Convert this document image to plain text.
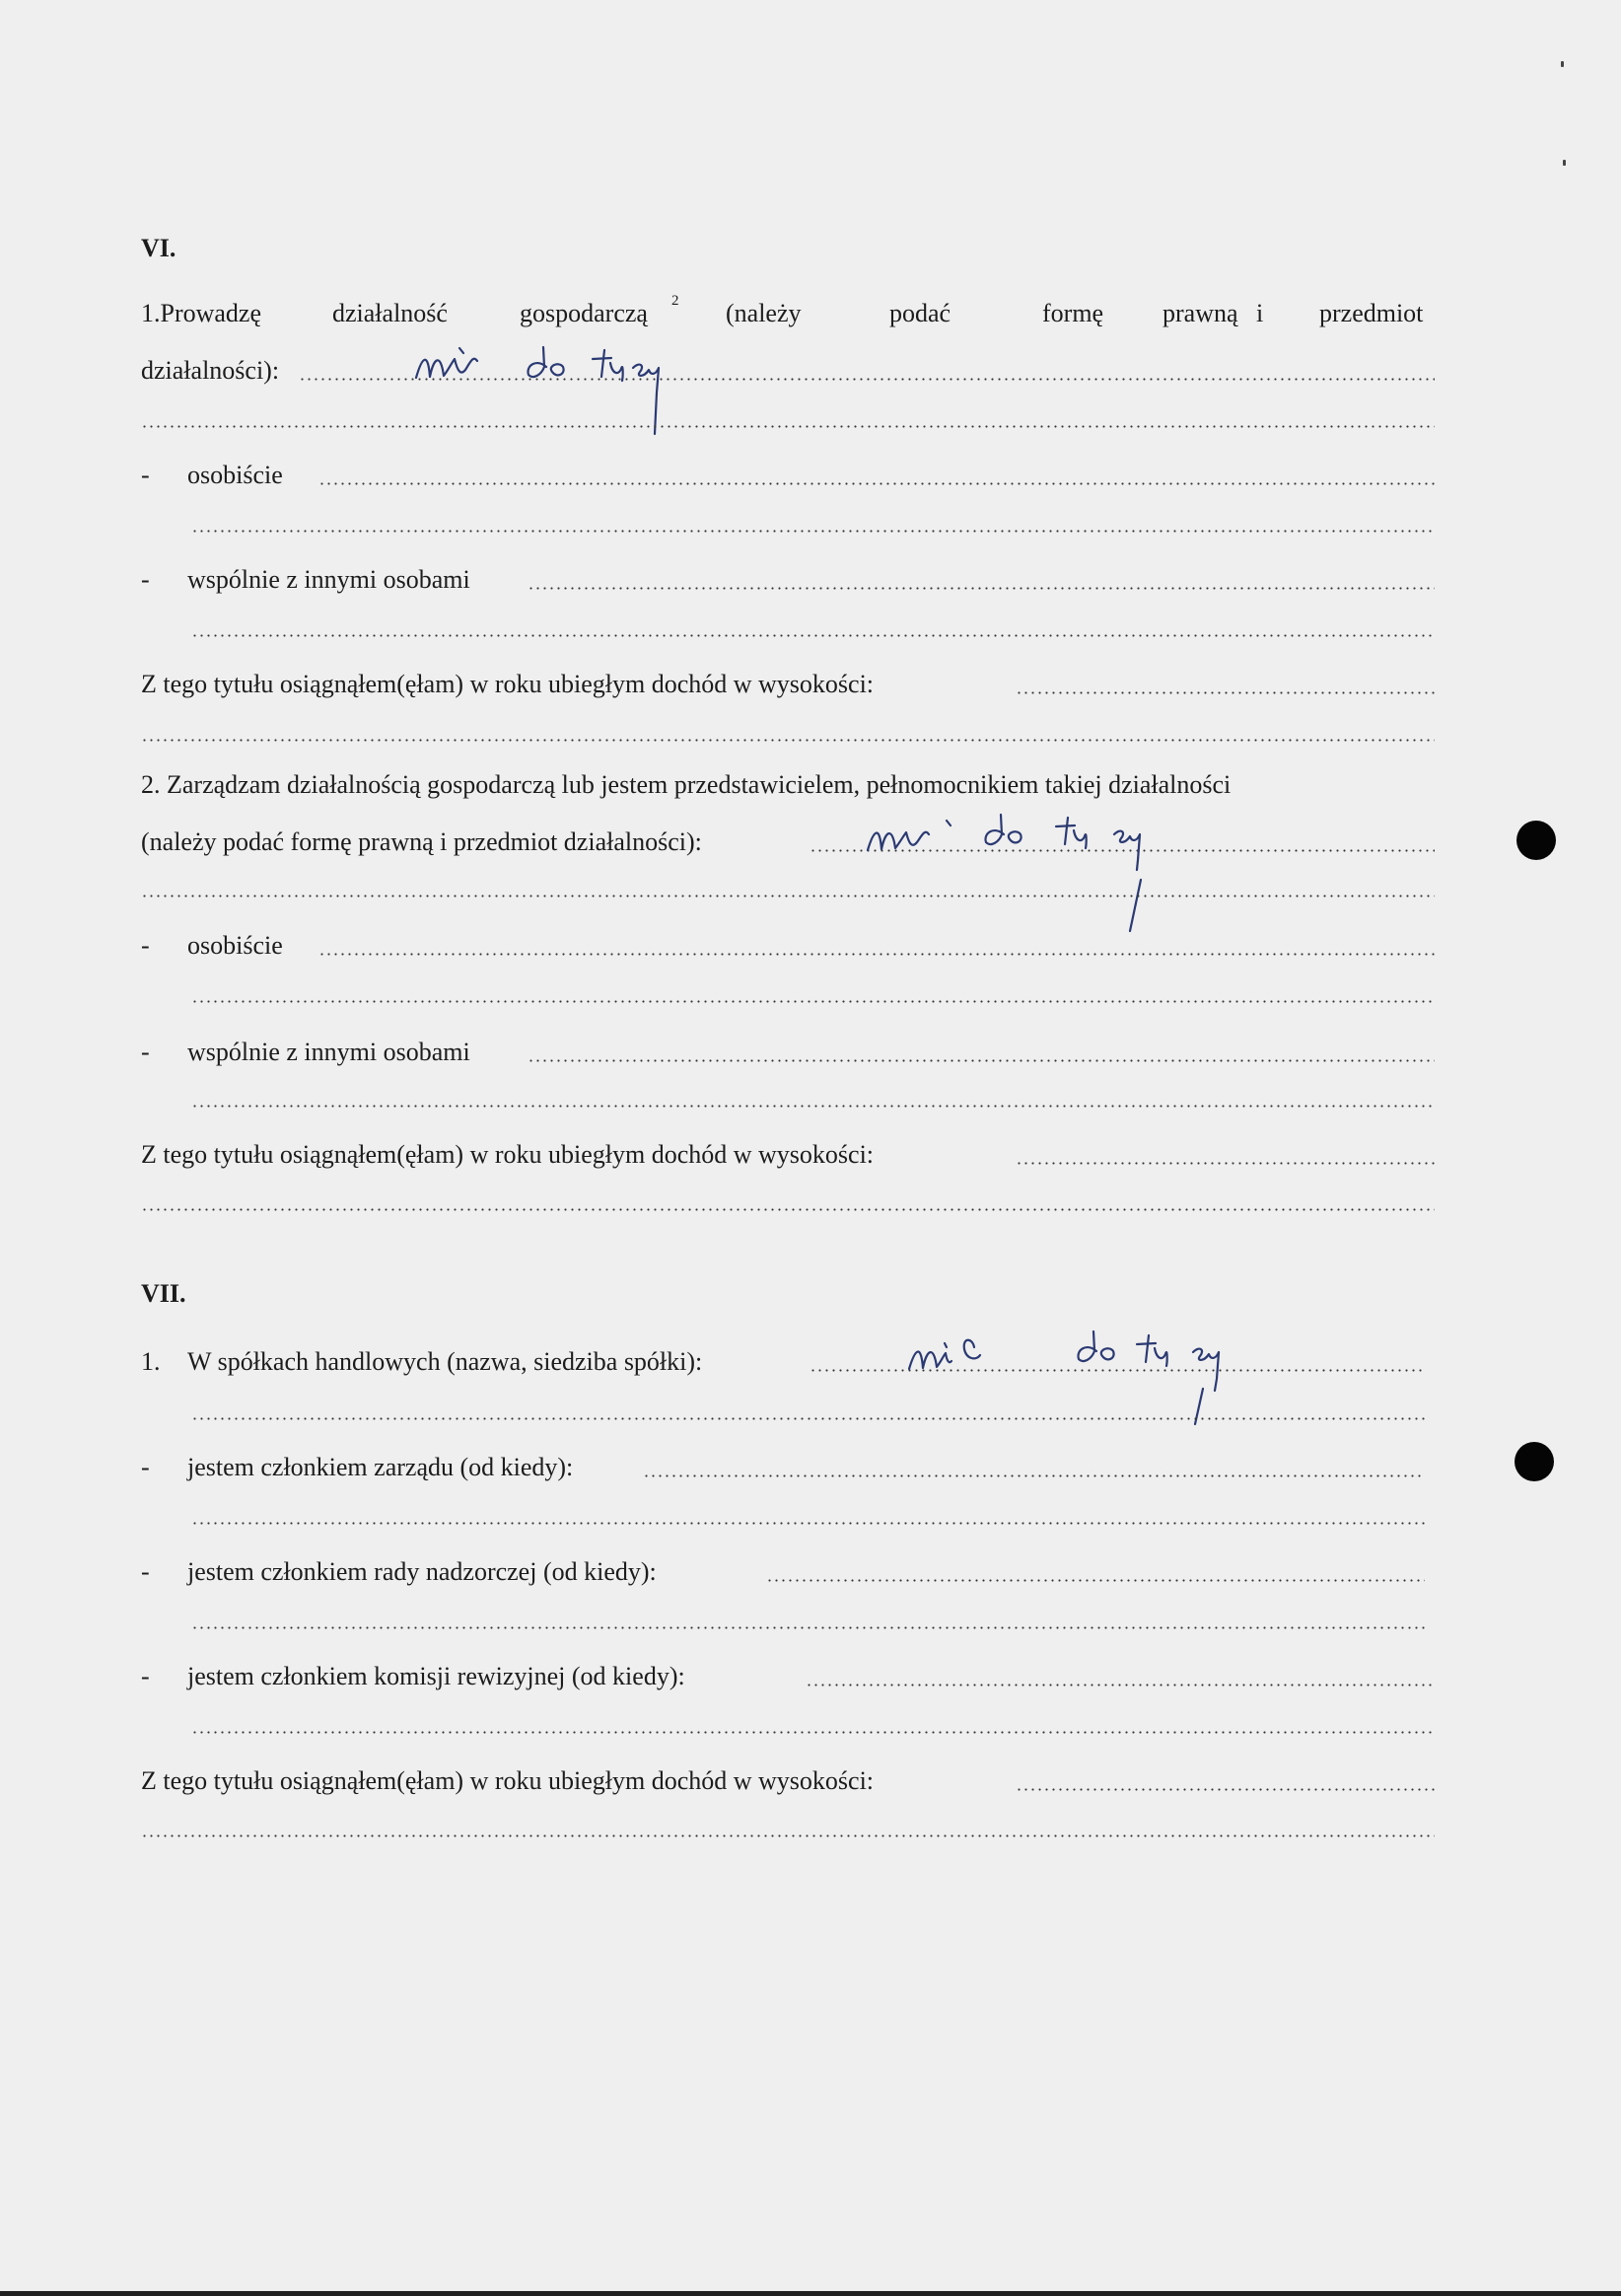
VI.
1.Prowadzę	działalność	gospodarczą 2 (należy	podać	formę prawną i przedmiot
działalności):
- osobiście
- wspólnie z innymi osobami
Z tego tytułu osiągnąłem(ęłam) w roku ubiegłym dochód w wysokości:
2. Zarządzam działalnością gospodarczą lub jestem przedstawicielem, pełnomocnikiem takiej działalności
(należy podać formę prawną i przedmiot działalności):
- osobiście
- wspólnie z innymi osobami
Z tego tytułu osiągnąłem(ęłam) w roku ubiegłym dochód w wysokości:
VII.
1. W spółkach handlowych (nazwa, siedziba spółki):
- jestem członkiem zarządu (od kiedy):
- jestem członkiem rady nadzorczej (od kiedy):
- jestem członkiem komisji rewizyjnej (od kiedy):
Z tego tytułu osiągnąłem(ęłam) w roku ubiegłym dochód w wysokości:
